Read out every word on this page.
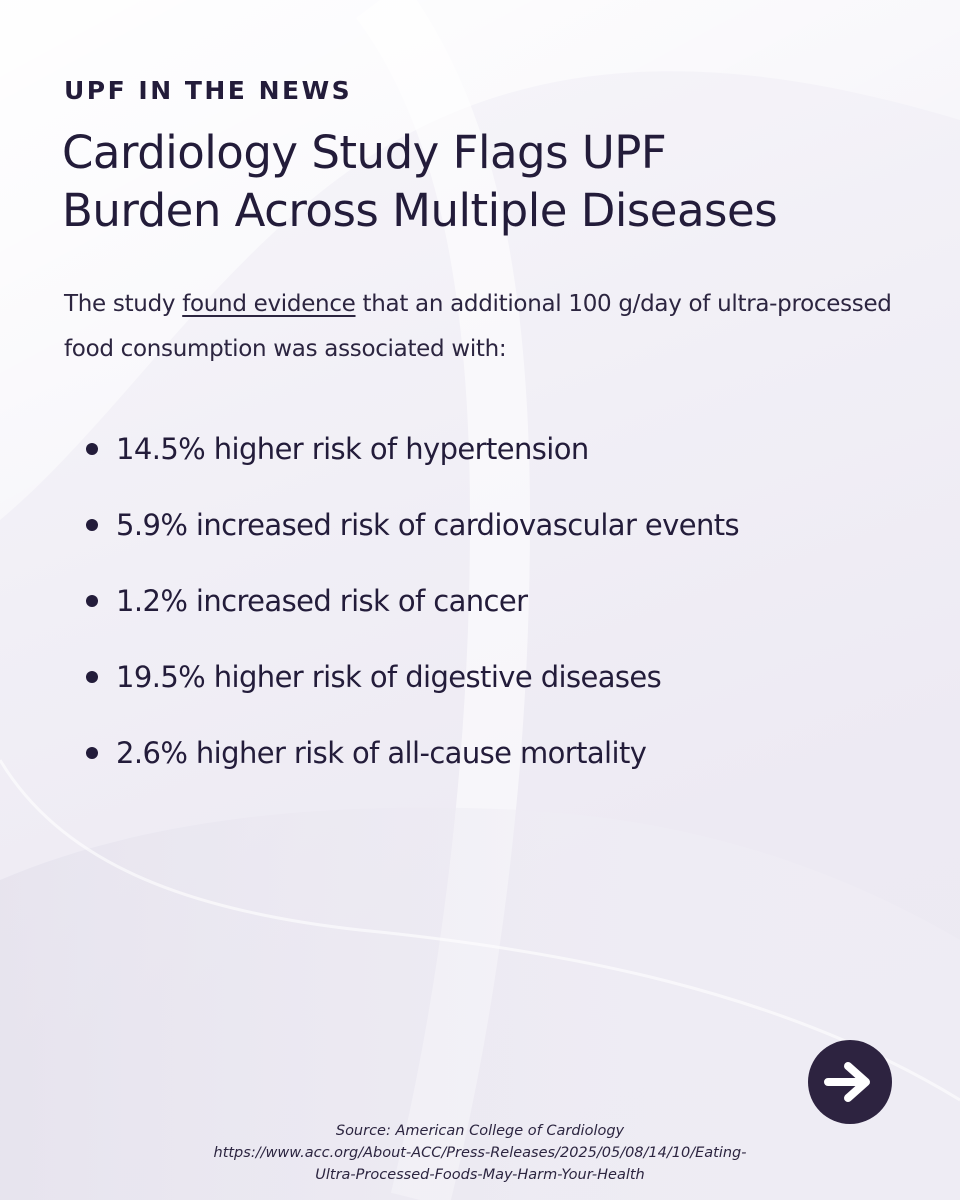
UPF IN THE NEWS
Cardiology Study Flags UPF
Burden Across Multiple Diseases

The study found evidence that an additional 100 g/day of ultra-processed food consumption was associated with:

14.5% higher risk of hypertension
5.9% increased risk of cardiovascular events
1.2% increased risk of cancer
19.5% higher risk of digestive diseases
2.6% higher risk of all-cause mortality
Source: American College of Cardiology
https://www.acc.org/About-ACC/Press-Releases/2025/05/08/14/10/Eating-
Ultra-Processed-Foods-May-Harm-Your-Health
